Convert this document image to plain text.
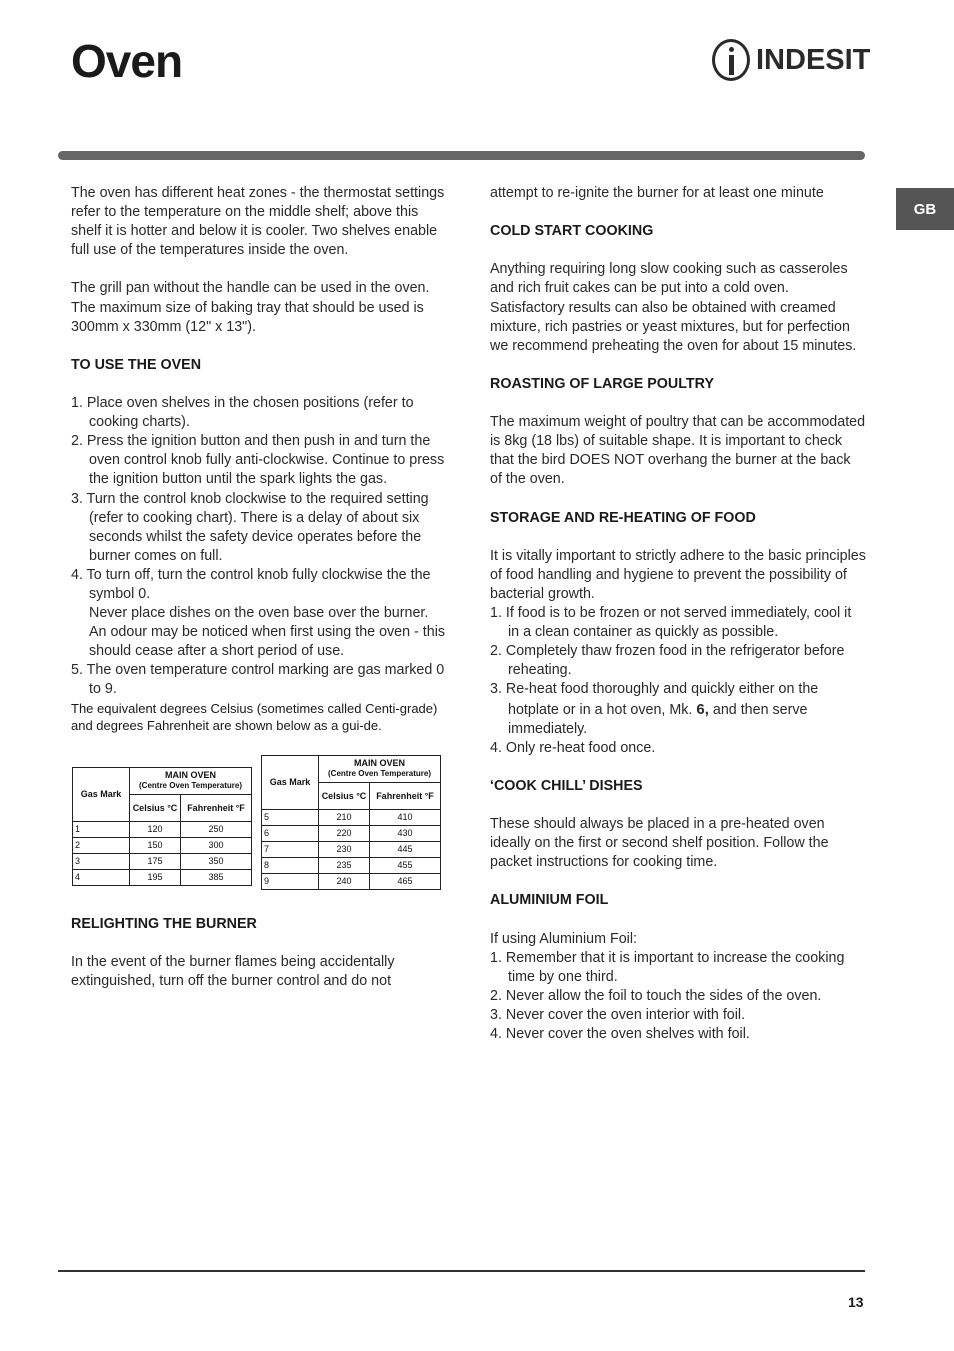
Oven	INDESIT
GB

The oven has different heat zones - the thermostat settings refer to the temperature on the middle shelf; above this shelf it is hotter and below it is cooler. Two shelves enable full use of the temperatures inside the oven.

The grill pan without the handle can be used in the oven. The maximum size of baking tray that should be used is 300mm x 330mm (12" x 13").

TO USE THE OVEN
1. Place oven shelves in the chosen positions (refer to cooking charts).
2. Press the ignition button and then push in and turn the oven control knob fully anti-clockwise. Continue to press the ignition button until the spark lights the gas.
3. Turn the control knob clockwise to the required setting (refer to cooking chart). There is a delay of about six seconds whilst the safety device operates before the burner comes on full.
4. To turn off, turn the control knob fully clockwise the the symbol 0.
Never place dishes on the oven base over the burner.
An odour may be noticed when first using the oven - this should cease after a short period of use.
5. The oven temperature control marking are gas marked 0 to 9.

The equivalent degrees Celsius (sometimes called Centi-grade) and degrees Fahrenheit are shown below as a gui-de.

Gas Mark	MAIN OVEN
(Centre Oven Temperature)	
	Celsius °C	Fahrenheit °F
1	120	250
2	150	300
3	175	350
4	195	385
Gas Mark	MAIN OVEN
(Centre Oven Temperature)	
	Celsius °C	Fahrenheit °F
5	210	410
6	220	430
7	230	445
8	235	455
9	240	465
RELIGHTING THE BURNER

In the event of the burner flames being accidentally extinguished, turn off the burner control and do not

attempt to re-ignite the burner for at least one minute

COLD START COOKING

Anything requiring long slow cooking such as casseroles and rich fruit cakes can be put into a cold oven. Satisfactory results can also be obtained with creamed mixture, rich pastries or yeast mixtures, but for perfection we recommend preheating the oven for about 15 minutes.

ROASTING OF LARGE POULTRY

The maximum weight of poultry that can be accommodated is 8kg (18 lbs) of suitable shape. It is important to check that the bird DOES NOT overhang the burner at the back of the oven.

STORAGE AND RE-HEATING OF FOOD

It is vitally important to strictly adhere to the basic principles of food handling and hygiene to prevent the possibility of bacterial growth.

1. If food is to be frozen or not served immediately, cool it in a clean container as quickly as possible.
2. Completely thaw frozen food in the refrigerator before reheating.
3. Re-heat food thoroughly and quickly either on the hotplate or in a hot oven, Mk. 6, and then serve immediately.
4. Only re-heat food once.
‘COOK CHILL’ DISHES

These should always be placed in a pre-heated oven ideally on the first or second shelf position. Follow the packet instructions for cooking time.

ALUMINIUM FOIL

If using Aluminium Foil:

1. Remember that it is important to increase the cooking time by one third.
2. Never allow the foil to touch the sides of the oven.
3. Never cover the oven interior with foil.
4. Never cover the oven shelves with foil.
13
